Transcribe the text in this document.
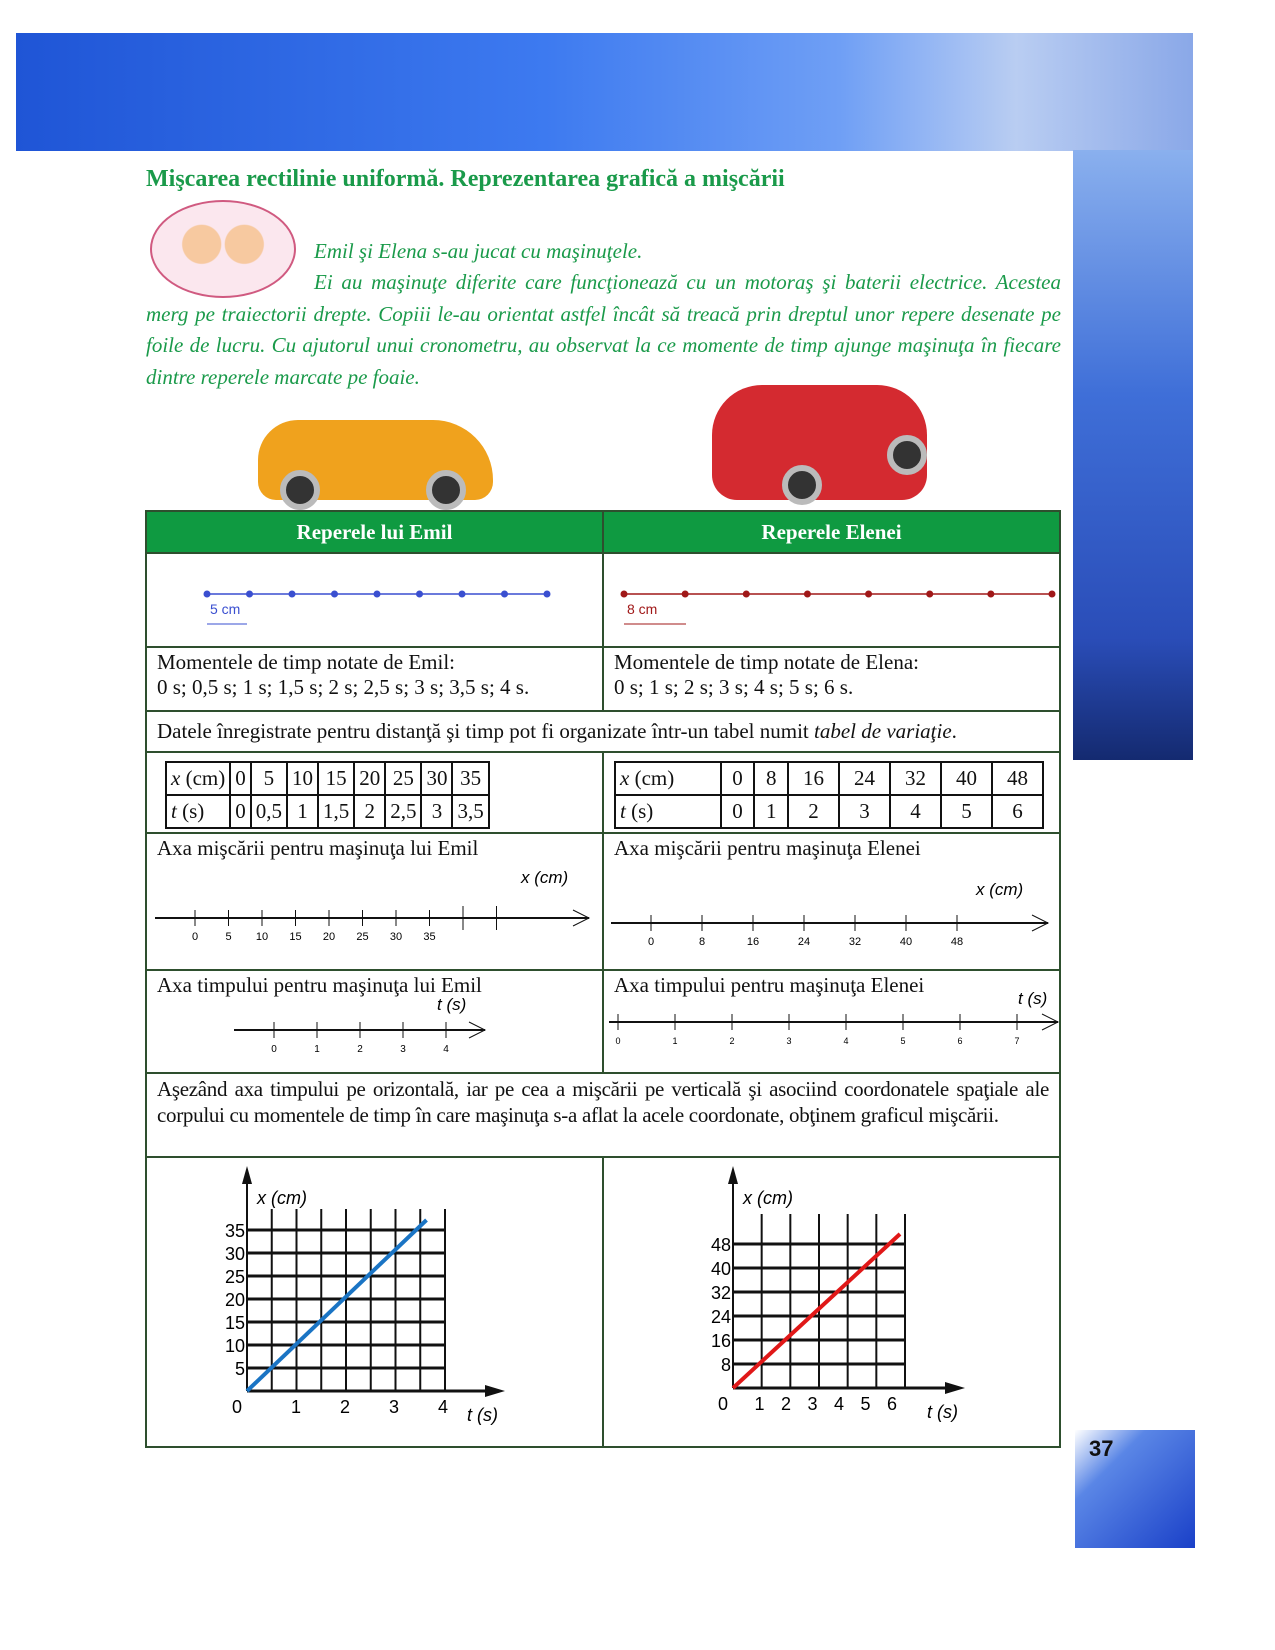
37
Mişcarea rectilinie uniformă. Reprezentarea grafică a mişcării
Emil şi Elena s-au jucat cu maşinuţele.
Ei au maşinuţe diferite care funcţionează cu un motoraş şi baterii electrice. Acestea merg pe traiectorii drepte. Copiii le-au orientat astfel încât să treacă prin dreptul unor repere desenate pe foile de lucru. Cu ajutorul unui cronometru, au observat la ce momente de timp ajunge maşinuţa în fiecare dintre reperele marcate pe foaie.
Reperele lui Emil	Reperele Elenei

5 cm	8 cm

Momentele de timp notate de Emil:
0 s; 0,5 s; 1 s; 1,5 s; 2 s; 2,5 s; 3 s; 3,5 s; 4 s.

Momentele de timp notate de Elena:
0 s; 1 s; 2 s; 3 s; 4 s; 5 s; 6 s.

Datele înregistrate pentru distanţă şi timp pot fi organizate într-un tabel numit tabel de variaţie.

x (cm)	0	5	10	15	20	25	30	35
t (s)	0	0,5	1	1,5	2	2,5	3	3,5

x (cm)	0	8	16	24	32	40	48
t (s)	0	1	2	3	4	5	6

Axa mişcării pentru maşinuţa lui Emil
0 5 10 15 20 25 30 35
x (cm)

Axa mişcării pentru maşinuţa Elenei
0	8	16	24	32	40	48
x (cm)

Axa timpului pentru maşinuţa lui Emil
0	1	2	3	4
t (s)

Axa timpului pentru maşinuţa Elenei
0	1	2	3	4	5	6	7
t (s)

Aşezând axa timpului pe orizontală, iar pe cea a mişcării pe verticală şi asociind coordonatele spaţiale ale corpului cu momentele de timp în care maşinuţa s-a aflat la acele coordonate, obţinem graficul mişcării.

5
10
15
20
25
30
35
1 2 3 4
0
x (cm)
t (s)

8
16
24
32
40
48
1 2 3 4 5 6
0
x (cm)
t (s)
